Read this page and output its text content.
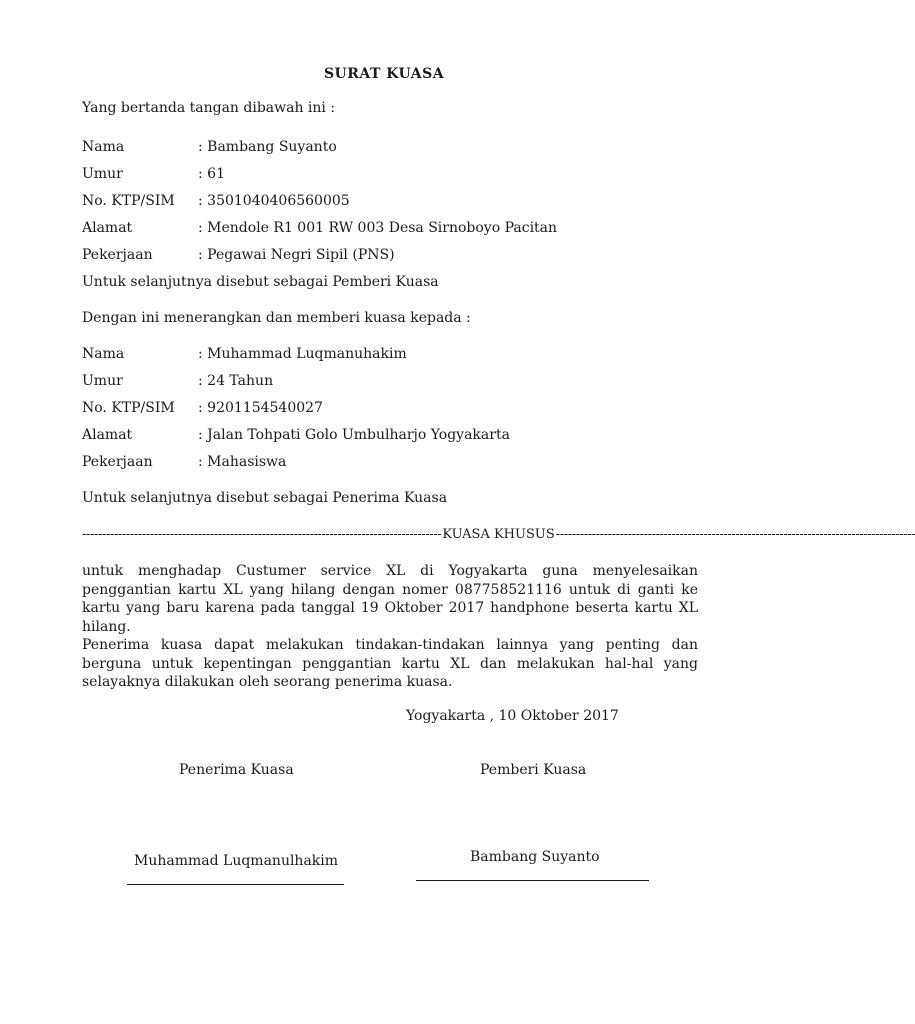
SURAT KUASA
Yang bertanda tangan dibawah ini :
Nama	: Bambang Suyanto
Umur	: 61
No. KTP/SIM : 3501040406560005
Alamat	: Mendole R1 001 RW 003 Desa Sirnoboyo Pacitan
Pekerjaan	: Pegawai Negri Sipil (PNS)
Untuk selanjutnya disebut sebagai Pemberi Kuasa
Dengan ini menerangkan dan memberi kuasa kepada :
Nama	: Muhammad Luqmanuhakim
Umur	: 24 Tahun
No. KTP/SIM : 9201154540027
Alamat	: Jalan Tohpati Golo Umbulharjo Yogyakarta
Pekerjaan	: Mahasiswa
Untuk selanjutnya disebut sebagai Penerima Kuasa
------------------------------------------------------------------------------------------ KUASA KHUSUS ------------------------------------------------------------------------------------------

untuk menghadap Custumer service XL di Yogyakarta guna menyelesaikan penggantian kartu XL yang hilang dengan nomer 087758521116 untuk di ganti ke kartu yang baru karena pada tanggal 19 Oktober 2017 handphone beserta kartu XL hilang.

Penerima kuasa dapat melakukan tindakan-tindakan lainnya yang penting dan berguna untuk kepentingan penggantian kartu XL dan melakukan hal-hal yang selayaknya dilakukan oleh seorang penerima kuasa.

Yogyakarta , 10 Oktober 2017
Penerima Kuasa	Pemberi Kuasa
Muhammad Luqmanulhakim	Bambang Suyanto
